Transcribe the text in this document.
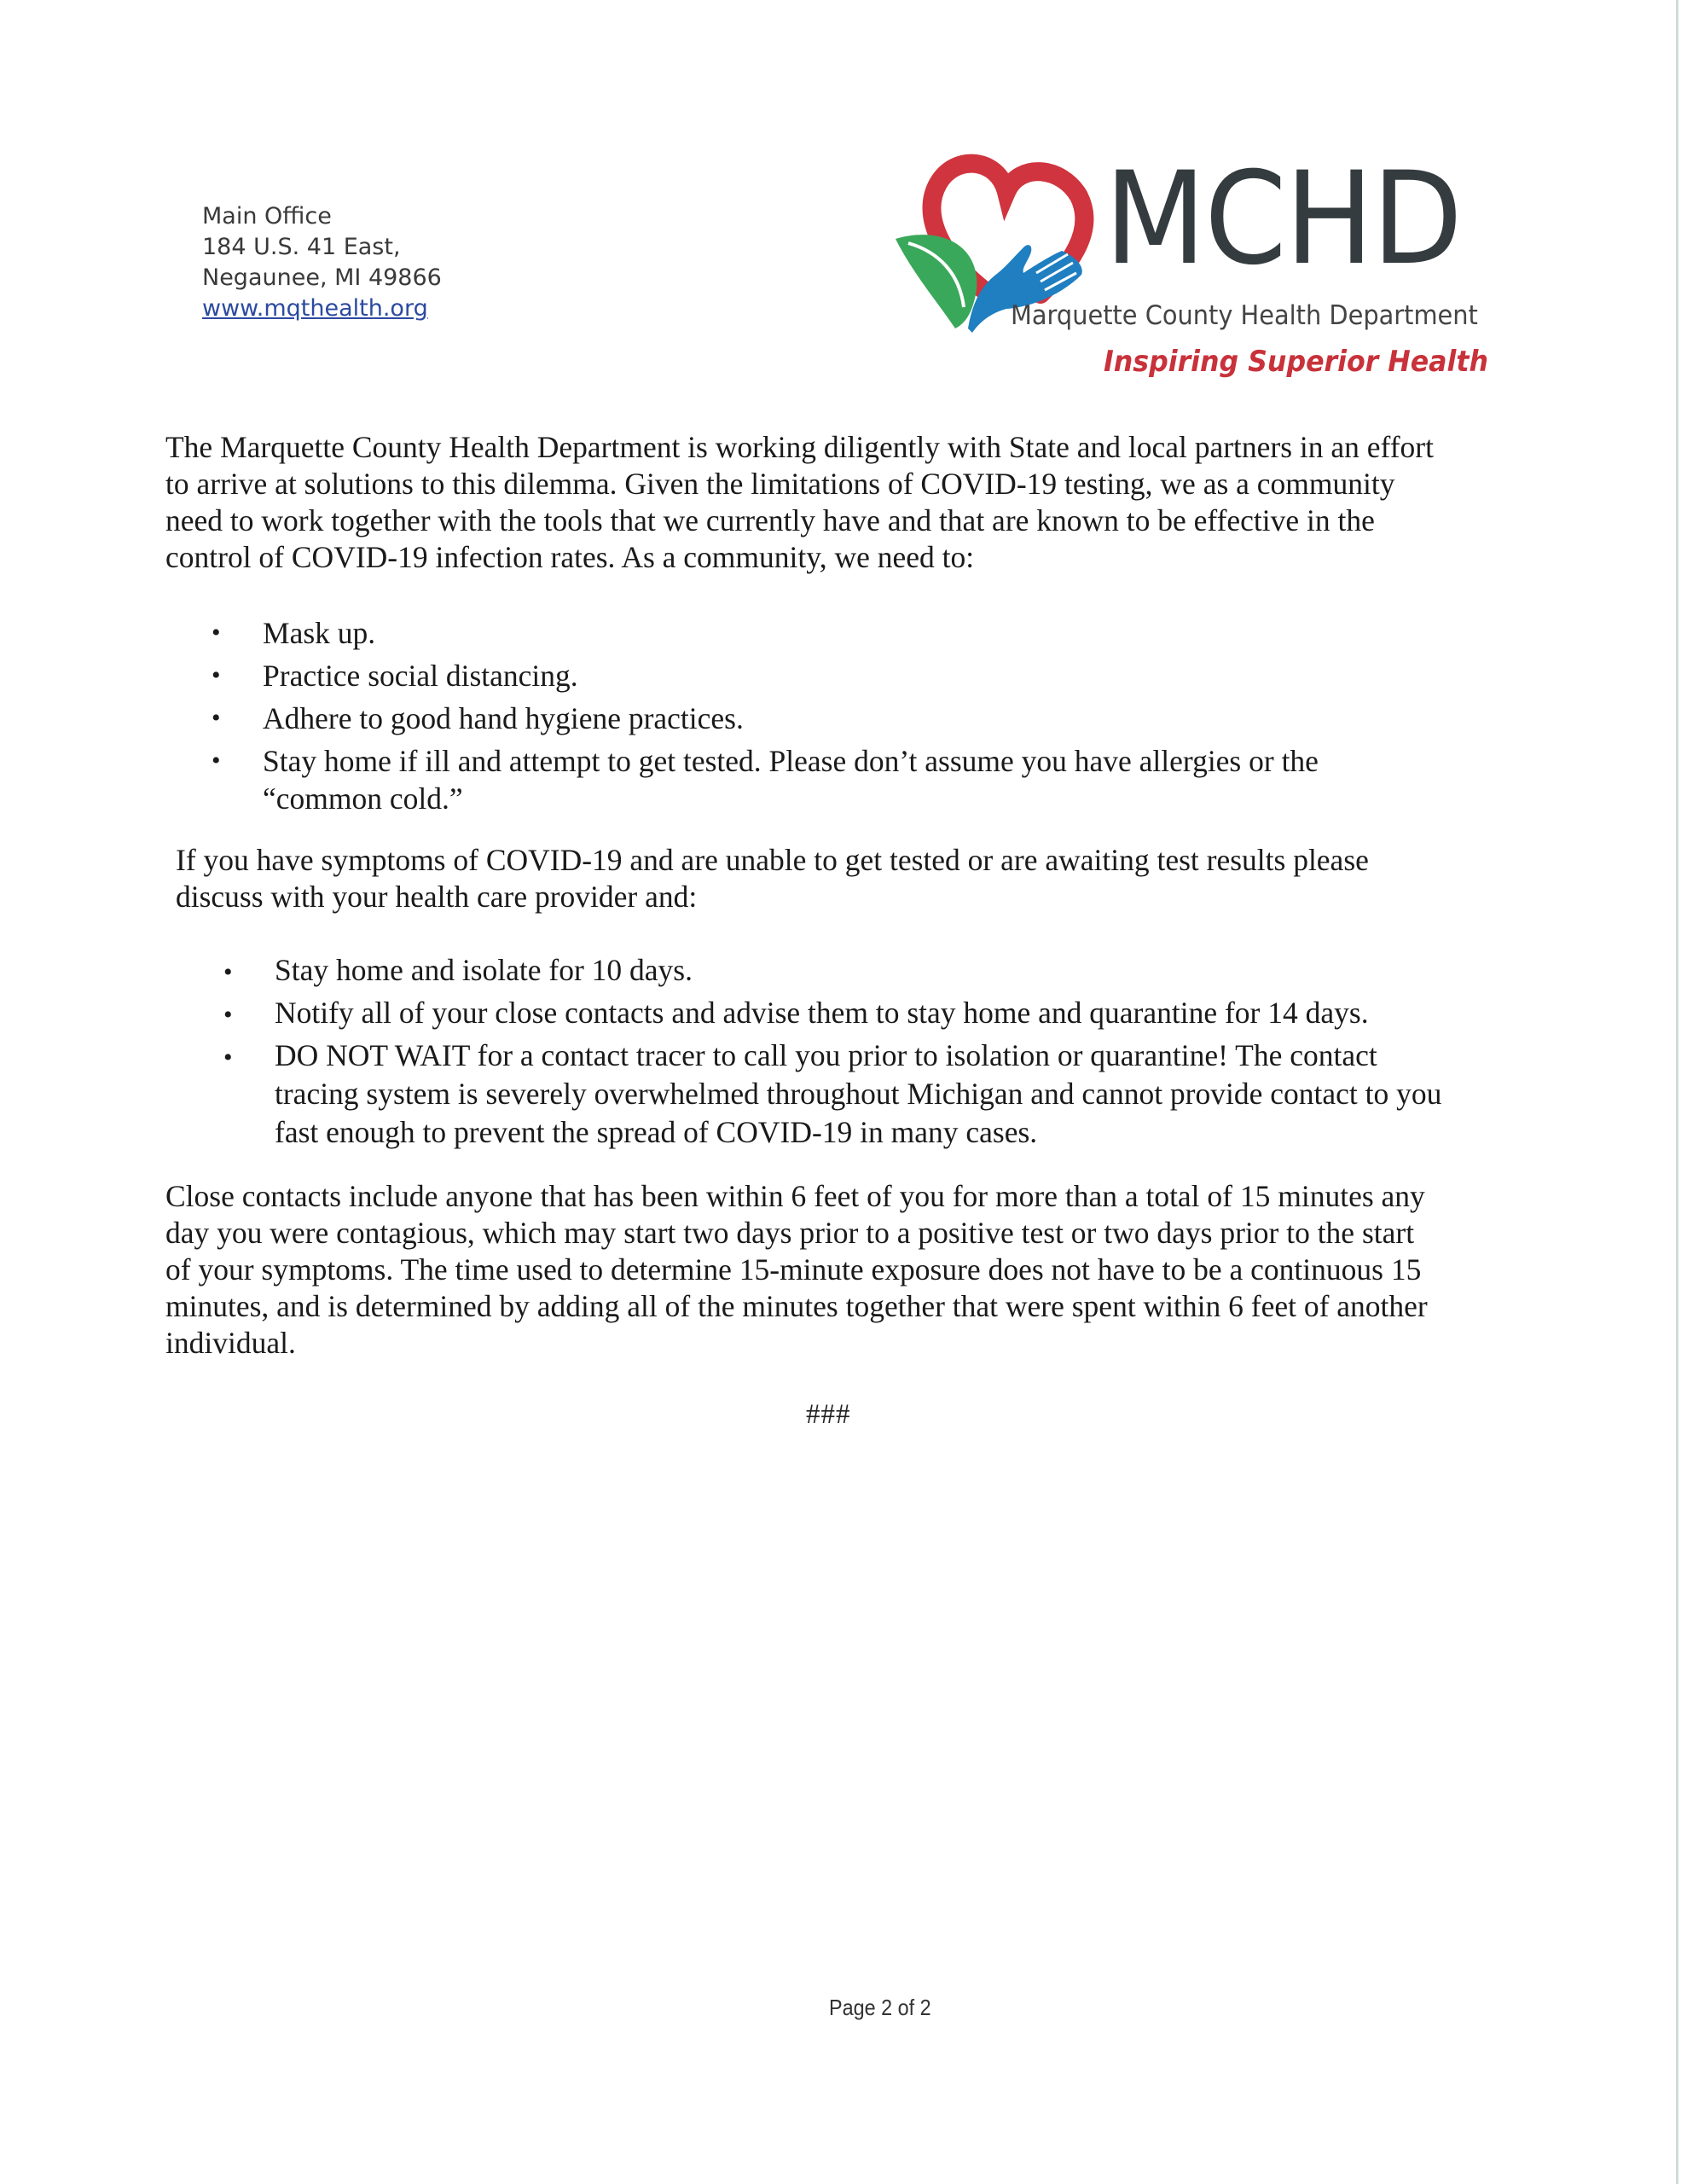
Main Office
184 U.S. 41 East,
Negaunee, MI 49866
www.mqthealth.org
MCHD
Marquette County Health Department
Inspiring Superior Health
The Marquette County Health Department is working diligently with State and local partners in an effort
to arrive at solutions to this dilemma. Given the limitations of COVID-19 testing, we as a community
need to work together with the tools that we currently have and that are known to be effective in the
control of COVID-19 infection rates. As a community, we need to:
• Mask up.
• Practice social distancing.
• Adhere to good hand hygiene practices.
• Stay home if ill and attempt to get tested. Please don’t assume you have allergies or the
“common cold.”
If you have symptoms of COVID-19 and are unable to get tested or are awaiting test results please
discuss with your health care provider and:
• Stay home and isolate for 10 days.
• Notify all of your close contacts and advise them to stay home and quarantine for 14 days.
• DO NOT WAIT for a contact tracer to call you prior to isolation or quarantine! The contact
tracing system is severely overwhelmed throughout Michigan and cannot provide contact to you
fast enough to prevent the spread of COVID-19 in many cases.
Close contacts include anyone that has been within 6 feet of you for more than a total of 15 minutes any
day you were contagious, which may start two days prior to a positive test or two days prior to the start
of your symptoms. The time used to determine 15-minute exposure does not have to be a continuous 15
minutes, and is determined by adding all of the minutes together that were spent within 6 feet of another
individual.
###
Page 2 of 2
